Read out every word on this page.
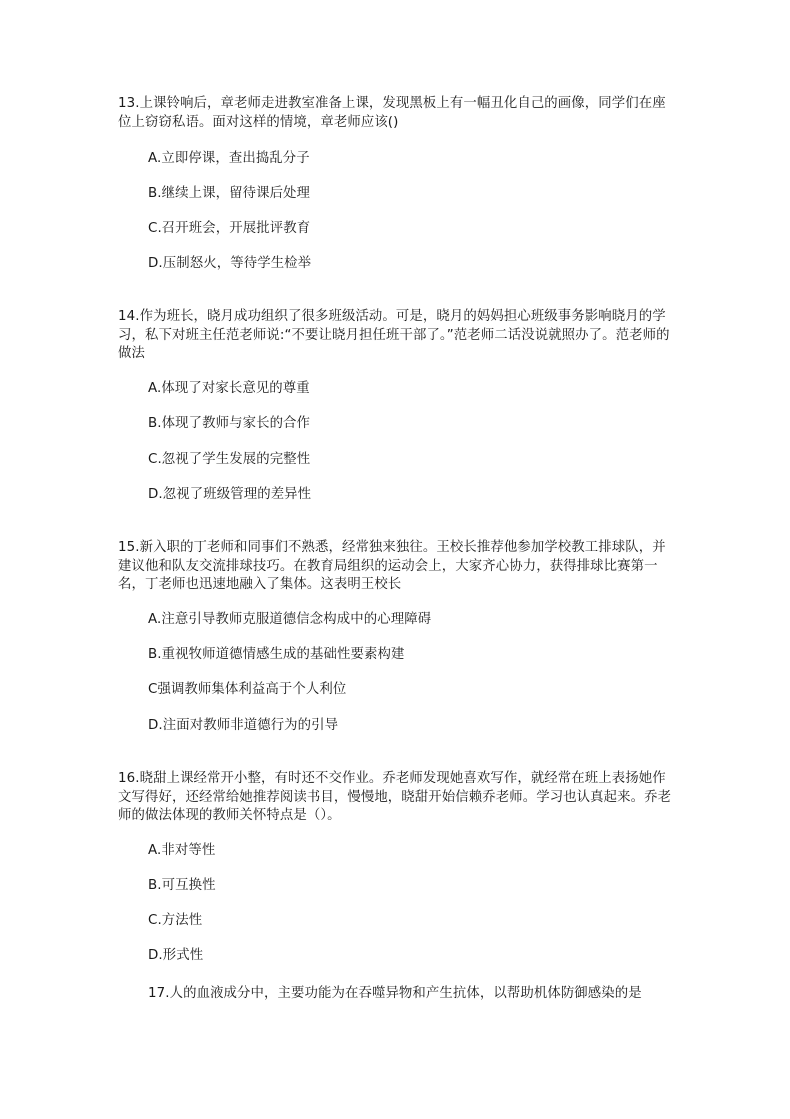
13.上课铃响后，章老师走进教室准备上课，发现黑板上有一幅丑化自己的画像，同学们在座位上窃窃私语。面对这样的情境，章老师应该()
A.立即停课，查出捣乱分子
B.继续上课，留待课后处理
C.召开班会，开展批评教育
D.压制怒火，等待学生检举
14.作为班长，晓月成功组织了很多班级活动。可是，晓月的妈妈担心班级事务影响晓月的学习，私下对班主任范老师说:“不要让晓月担任班干部了。”范老师二话没说就照办了。范老师的做法
A.体现了对家长意见的尊重
B.体现了教师与家长的合作
C.忽视了学生发展的完整性
D.忽视了班级管理的差异性
15.新入职的丁老师和同事们不熟悉，经常独来独往。王校长推荐他参加学校教工排球队，并建议他和队友交流排球技巧。在教育局组织的运动会上，大家齐心协力，获得排球比赛第一名，丁老师也迅速地融入了集体。这表明王校长
A.注意引导教师克服道德信念构成中的心理障碍
B.重视牧师道德情感生成的基础性要素构建
C强调教师集体利益高于个人利位
D.注面对教师非道德行为的引导
16.晓甜上课经常开小整，有时还不交作业。乔老师发现她喜欢写作，就经常在班上表扬她作文写得好，还经常给她推荐阅读书目，慢慢地，晓甜开始信赖乔老师。学习也认真起来。乔老师的做法体现的教师关怀特点是（）。
A.非对等性
B.可互换性
C.方法性
D.形式性
17.人的血液成分中，主要功能为在吞噬异物和产生抗体，以帮助机体防御感染的是
